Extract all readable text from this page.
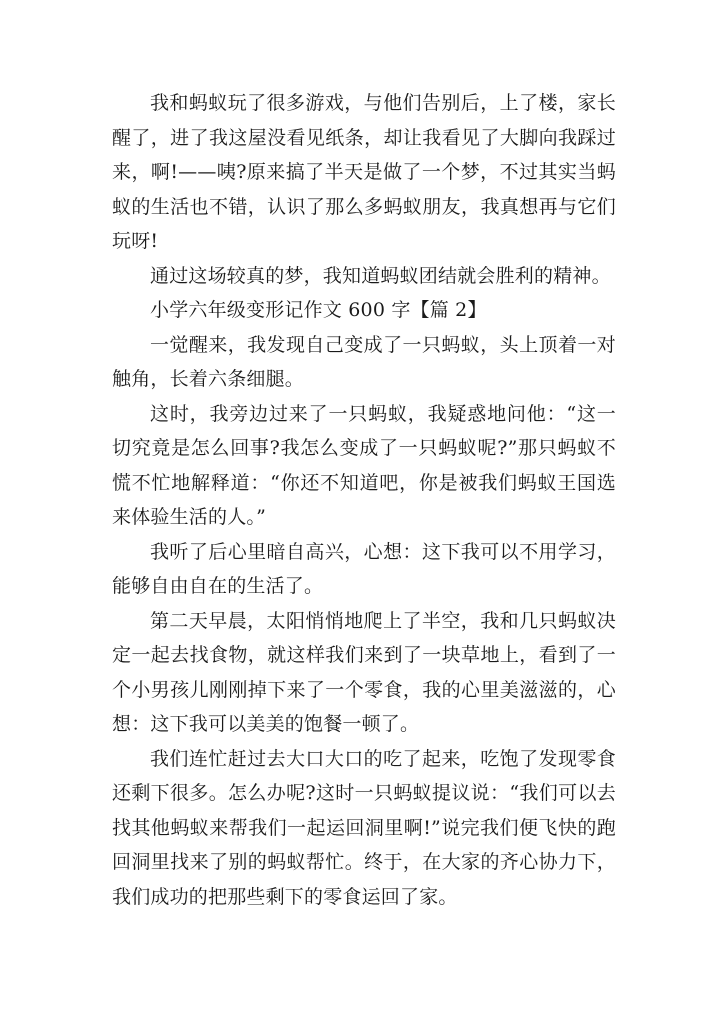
我和蚂蚁玩了很多游戏，与他们告别后，上了楼，家长醒了，进了我这屋没看见纸条，却让我看见了大脚向我踩过来，啊!——咦?原来搞了半天是做了一个梦，不过其实当蚂蚁的生活也不错，认识了那么多蚂蚁朋友，我真想再与它们玩呀!

通过这场较真的梦，我知道蚂蚁团结就会胜利的精神。

小学六年级变形记作文 600 字【篇 2】

一觉醒来，我发现自己变成了一只蚂蚁，头上顶着一对触角，长着六条细腿。

这时，我旁边过来了一只蚂蚁，我疑惑地问他：“这一切究竟是怎么回事?我怎么变成了一只蚂蚁呢?”那只蚂蚁不慌不忙地解释道：“你还不知道吧，你是被我们蚂蚁王国选来体验生活的人。”

我听了后心里暗自高兴，心想：这下我可以不用学习，能够自由自在的生活了。

第二天早晨，太阳悄悄地爬上了半空，我和几只蚂蚁决定一起去找食物，就这样我们来到了一块草地上，看到了一个小男孩儿刚刚掉下来了一个零食，我的心里美滋滋的，心想：这下我可以美美的饱餐一顿了。

我们连忙赶过去大口大口的吃了起来，吃饱了发现零食还剩下很多。怎么办呢?这时一只蚂蚁提议说：“我们可以去找其他蚂蚁来帮我们一起运回洞里啊!”说完我们便飞快的跑回洞里找来了别的蚂蚁帮忙。终于，在大家的齐心协力下，我们成功的把那些剩下的零食运回了家。
